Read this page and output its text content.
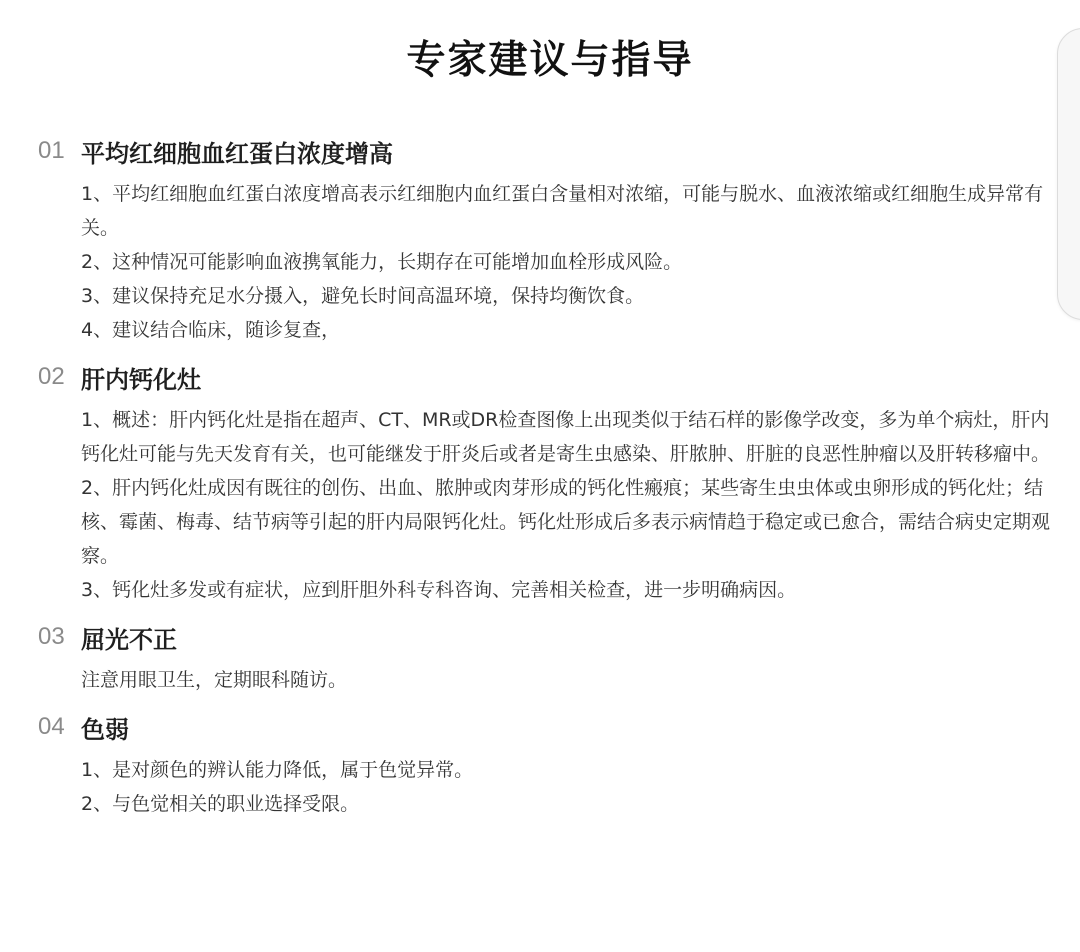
专家建议与指导
01 平均红细胞血红蛋白浓度增高
1、平均红细胞血红蛋白浓度增高表示红细胞内血红蛋白含量相对浓缩，可能与脱水、血液浓缩或红细胞生成异常有关。
2、这种情况可能影响血液携氧能力，长期存在可能增加血栓形成风险。
3、建议保持充足水分摄入，避免长时间高温环境，保持均衡饮食。
4、建议结合临床，随诊复查，
02 肝内钙化灶
1、概述：肝内钙化灶是指在超声、CT、MR或DR检查图像上出现类似于结石样的影像学改变，多为单个病灶，肝内钙化灶可能与先天发育有关，也可能继发于肝炎后或者是寄生虫感染、肝脓肿、肝脏的良恶性肿瘤以及肝转移瘤中。
2、肝内钙化灶成因有既往的创伤、出血、脓肿或肉芽形成的钙化性瘢痕；某些寄生虫虫体或虫卵形成的钙化灶；结核、霉菌、梅毒、结节病等引起的肝内局限钙化灶。钙化灶形成后多表示病情趋于稳定或已愈合，需结合病史定期观察。
3、钙化灶多发或有症状，应到肝胆外科专科咨询、完善相关检查，进一步明确病因。
03 屈光不正
注意用眼卫生，定期眼科随访。
04 色弱
1、是对颜色的辨认能力降低，属于色觉异常。
2、与色觉相关的职业选择受限。
